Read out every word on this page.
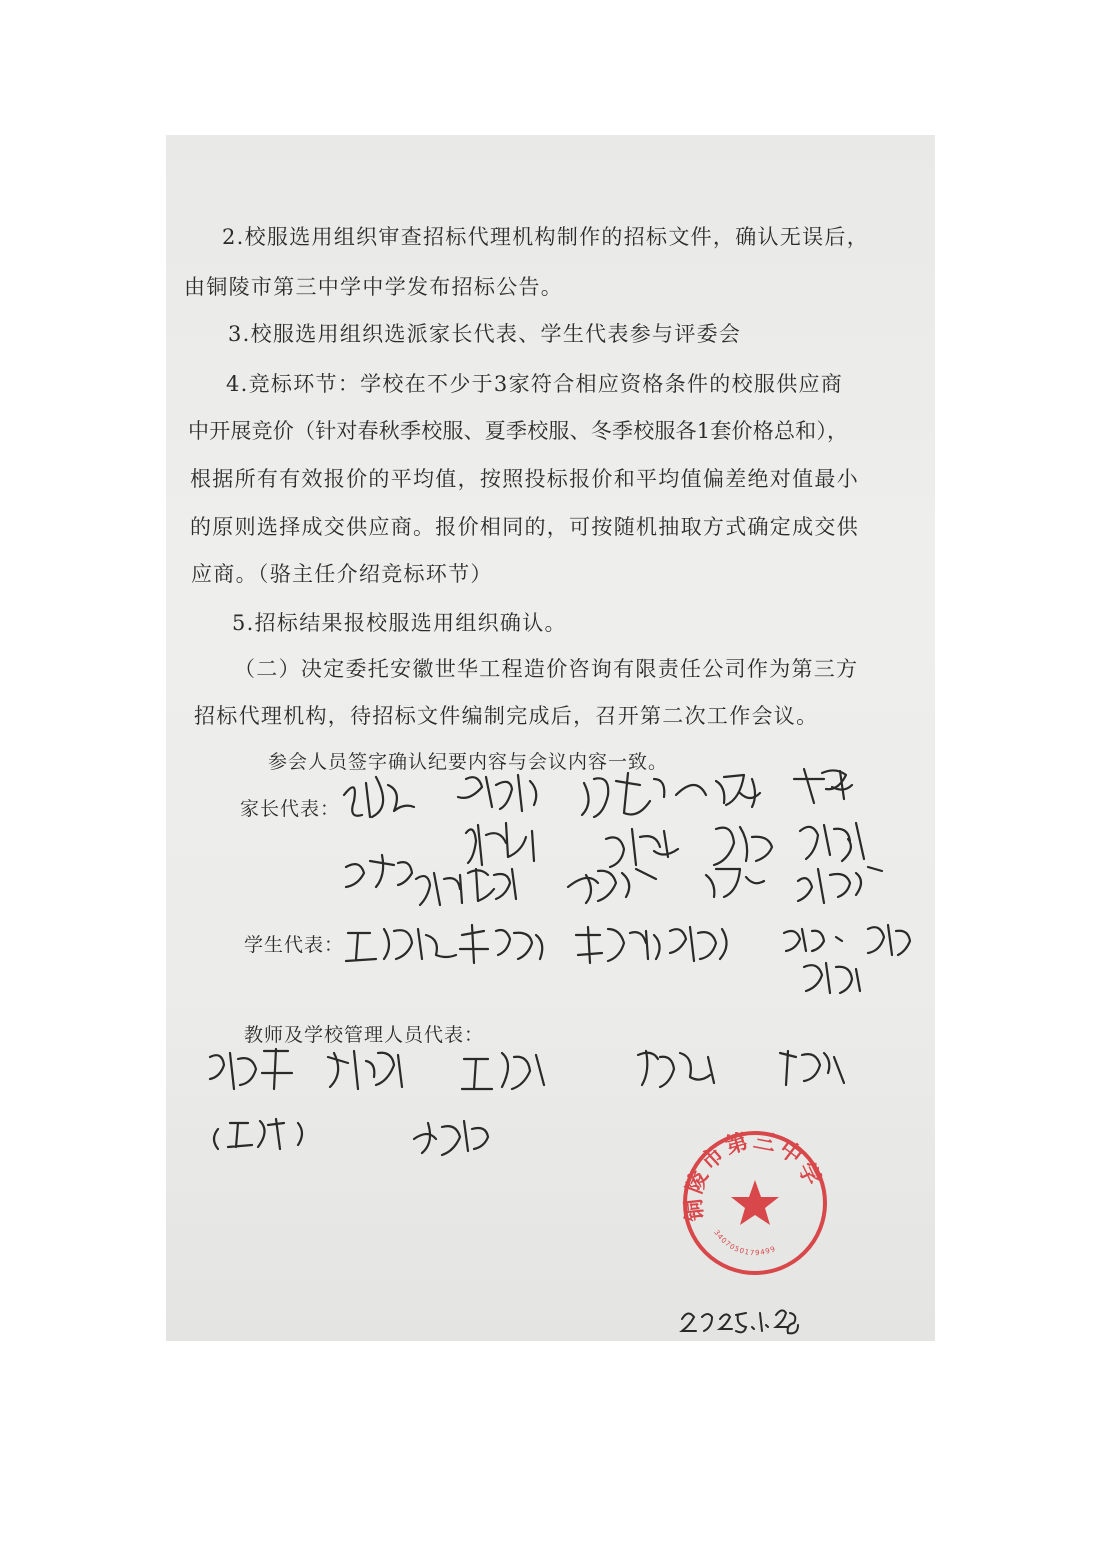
2.校服选用组织审查招标代理机构制作的招标文件，确认无误后，
由铜陵市第三中学中学发布招标公告。
3.校服选用组织选派家长代表、学生代表参与评委会
4.竞标环节：学校在不少于3家符合相应资格条件的校服供应商
中开展竞价（针对春秋季校服、夏季校服、冬季校服各1套价格总和），
根据所有有效报价的平均值，按照投标报价和平均值偏差绝对值最小
的原则选择成交供应商。报价相同的，可按随机抽取方式确定成交供
应商。（骆主任介绍竞标环节）
5.招标结果报校服选用组织确认。
（二）决定委托安徽世华工程造价咨询有限责任公司作为第三方
招标代理机构，待招标文件编制完成后，召开第二次工作会议。
参会人员签字确认纪要内容与会议内容一致。
家长代表：
学生代表：
教师及学校管理人员代表：
铜陵市第三中学
3407050179499
